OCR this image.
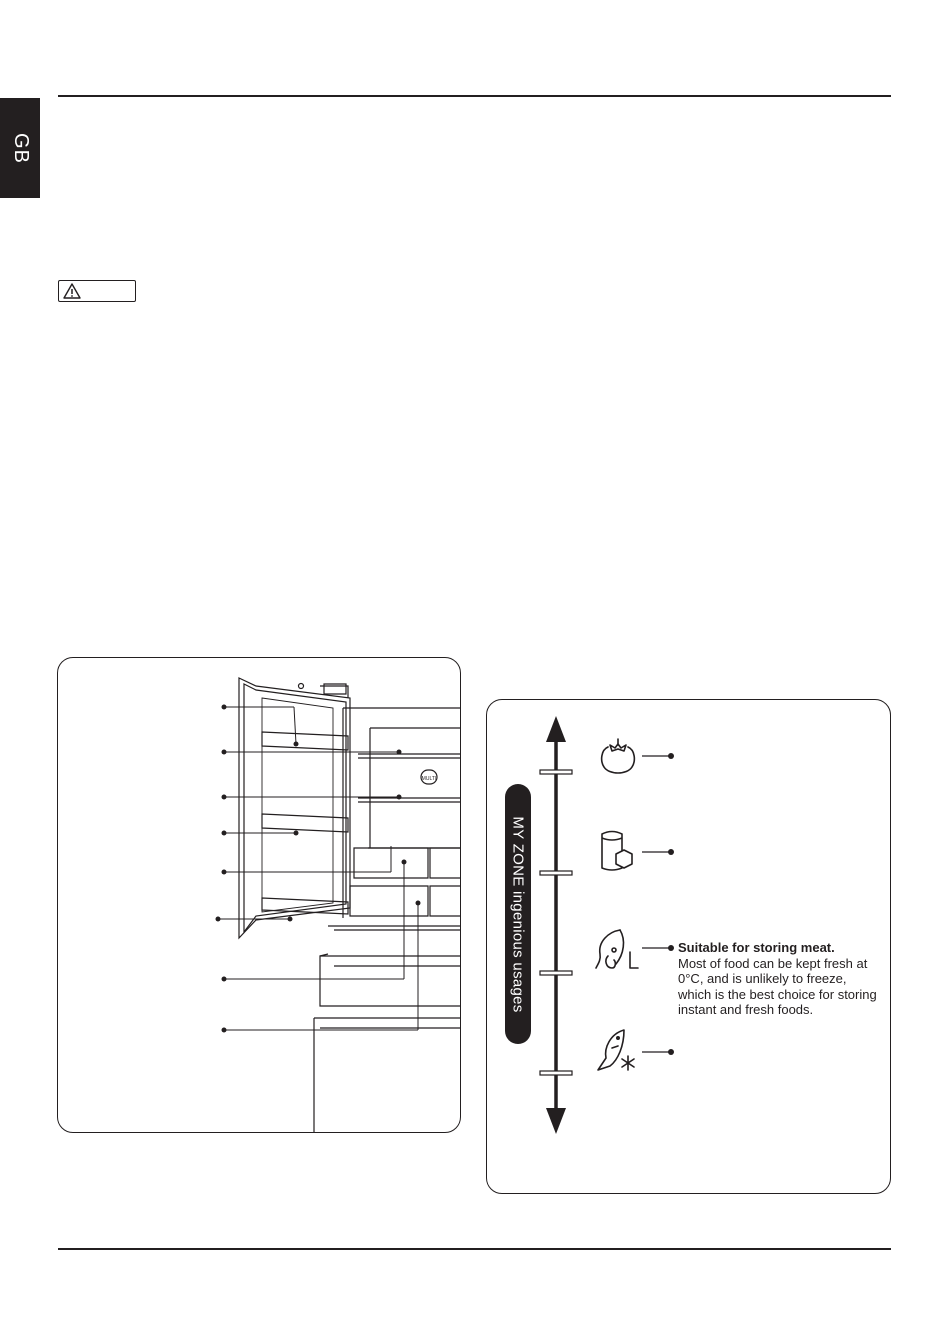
GB
MULTI
MY ZONE ingenious usages	Suitable for storing meat.
Most of food can be kept fresh at 0°C, and is unlikely to freeze, which is the best choice for storing instant and fresh foods.
